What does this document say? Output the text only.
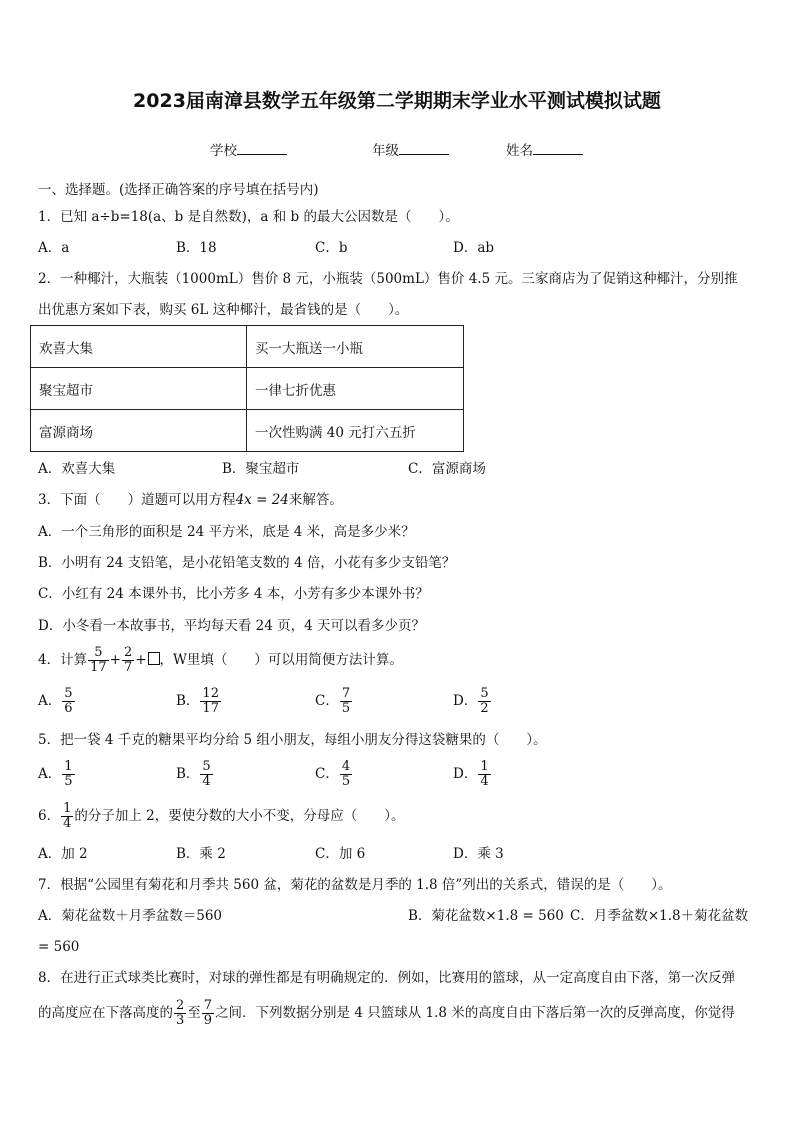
2023届南漳县数学五年级第二学期期末学业水平测试模拟试题
学校	年级	姓名
一、选择题。(选择正确答案的序号填在括号内)
1．已知 a÷b=18(a、b 是自然数)，a 和 b 的最大公因数是（　　）。
A．a	B．18	C．b	D．ab
2．一种椰汁，大瓶装（1000mL）售价 8 元，小瓶装（500mL）售价 4.5 元。三家商店为了促销这种椰汁，分别推
出优惠方案如下表，购买 6L 这种椰汁，最省钱的是（　　）。
欢喜大集	买一大瓶送一小瓶
聚宝超市	一律七折优惠
富源商场	一次性购满 40 元打六五折
A．欢喜大集	B．聚宝超市	C．富源商场
3．下面（　　）道题可以用方程4x = 24来解答。
A．一个三角形的面积是 24 平方米，底是 4 米，高是多少米？
B．小明有 24 支铅笔，是小花铅笔支数的 4 倍，小花有多少支铅笔？
C．小红有 24 本课外书，比小芳多 4 本，小芳有多少本课外书？
D．小冬看一本故事书，平均每天看 24 页，4 天可以看多少页？
4．计算 $\frac{5}{17} + \frac{2}{7}$ + ，W里填（　　）可以用简便方法计算。
A． $\frac{5}{6}$	B． $\frac{12}{17}$	C． $\frac{7}{5}$	D． $\frac{5}{2}$
5．把一袋 4 千克的糖果平均分给 5 组小朋友，每组小朋友分得这袋糖果的（　　）。
A． $\frac{1}{5}$	B． $\frac{5}{4}$	C． $\frac{4}{5}$	D． $\frac{1}{4}$
6． $\frac{1}{4}$ 的分子加上 2，要使分数的大小不变，分母应（　　）。
A．加 2	B．乘 2	C．加 6	D．乘 3
7．根据“公园里有菊花和月季共 560 盆，菊花的盆数是月季的 1.8 倍”列出的关系式，错误的是（　　）。
A．菊花盆数＋月季盆数＝560	B．菊花盆数×1.8 = 560 C．月季盆数×1.8＋菊花盆数
= 560
8．在进行正式球类比赛时，对球的弹性都是有明确规定的．例如，比赛用的篮球，从一定高度自由下落，第一次反弹
的高度应在下落高度的 $\frac{2}{3}$ 至 $\frac{7}{9}$ 之间．下列数据分别是 4 只篮球从 1.8 米的高度自由下落后第一次的反弹高度，你觉得
